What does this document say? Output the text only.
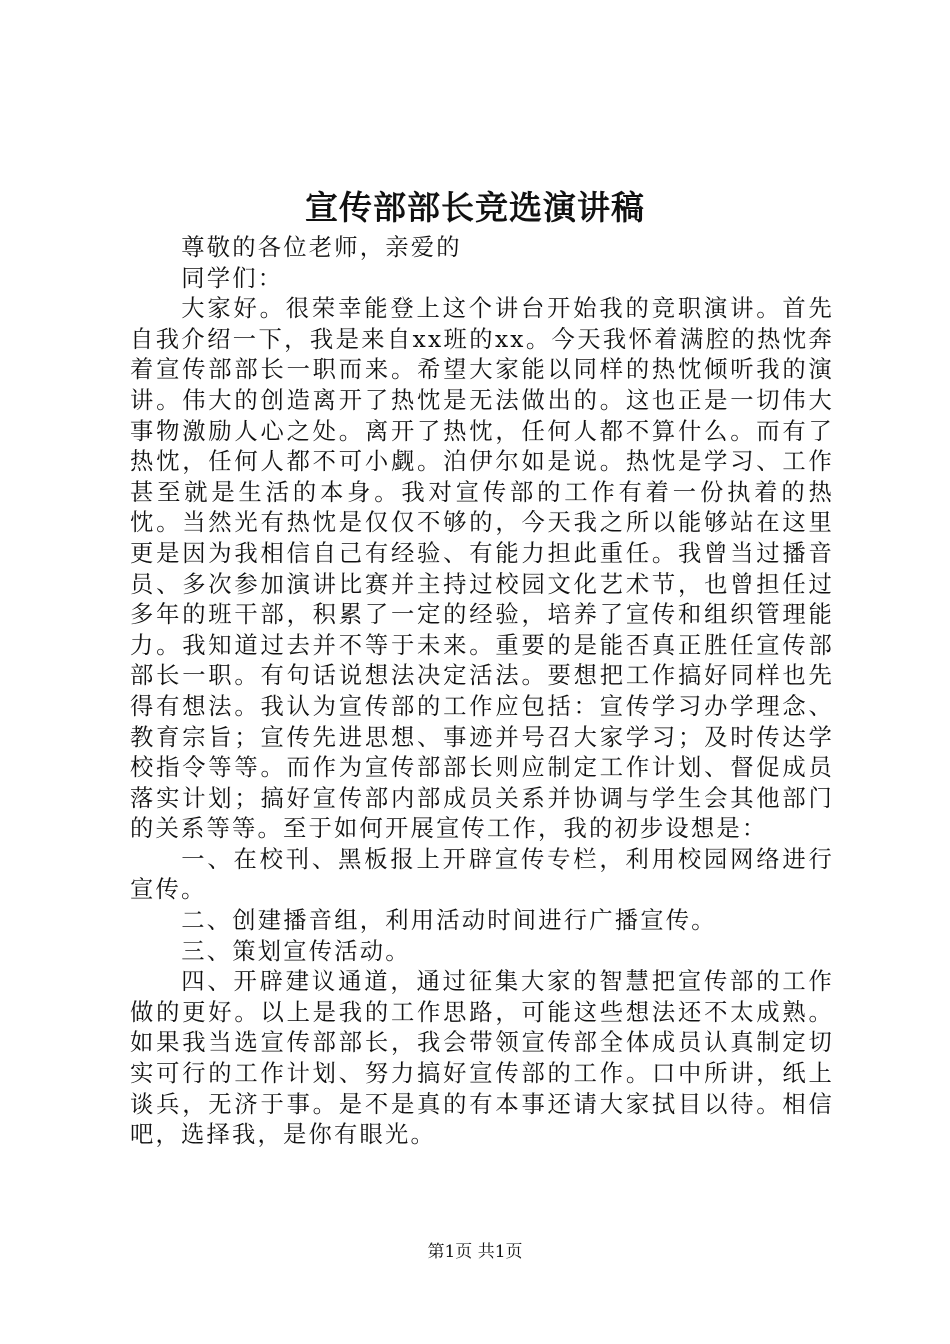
宣传部部长竞选演讲稿

尊敬的各位老师，亲爱的

同学们：

大家好。很荣幸能登上这个讲台开始我的竞职演讲。首先自我介绍一下，我是来自xx班的xx。今天我怀着满腔的热忱奔着宣传部部长一职而来。希望大家能以同样的热忱倾听我的演讲。伟大的创造离开了热忱是无法做出的。这也正是一切伟大事物激励人心之处。离开了热忱，任何人都不算什么。而有了热忱，任何人都不可小觑。泊伊尔如是说。热忱是学习、工作甚至就是生活的本身。我对宣传部的工作有着一份执着的热忱。当然光有热忱是仅仅不够的，今天我之所以能够站在这里更是因为我相信自己有经验、有能力担此重任。我曾当过播音员、多次参加演讲比赛并主持过校园文化艺术节，也曾担任过多年的班干部，积累了一定的经验，培养了宣传和组织管理能力。我知道过去并不等于未来。重要的是能否真正胜任宣传部部长一职。有句话说想法决定活法。要想把工作搞好同样也先得有想法。我认为宣传部的工作应包括：宣传学习办学理念、教育宗旨；宣传先进思想、事迹并号召大家学习；及时传达学校指令等等。而作为宣传部部长则应制定工作计划、督促成员落实计划；搞好宣传部内部成员关系并协调与学生会其他部门的关系等等。至于如何开展宣传工作，我的初步设想是：

一、在校刊、黑板报上开辟宣传专栏，利用校园网络进行宣传。

二、创建播音组，利用活动时间进行广播宣传。

三、策划宣传活动。

四、开辟建议通道，通过征集大家的智慧把宣传部的工作做的更好。以上是我的工作思路，可能这些想法还不太成熟。如果我当选宣传部部长，我会带领宣传部全体成员认真制定切实可行的工作计划、努力搞好宣传部的工作。口中所讲，纸上谈兵，无济于事。是不是真的有本事还请大家拭目以待。相信吧，选择我，是你有眼光。

第1页 共1页
